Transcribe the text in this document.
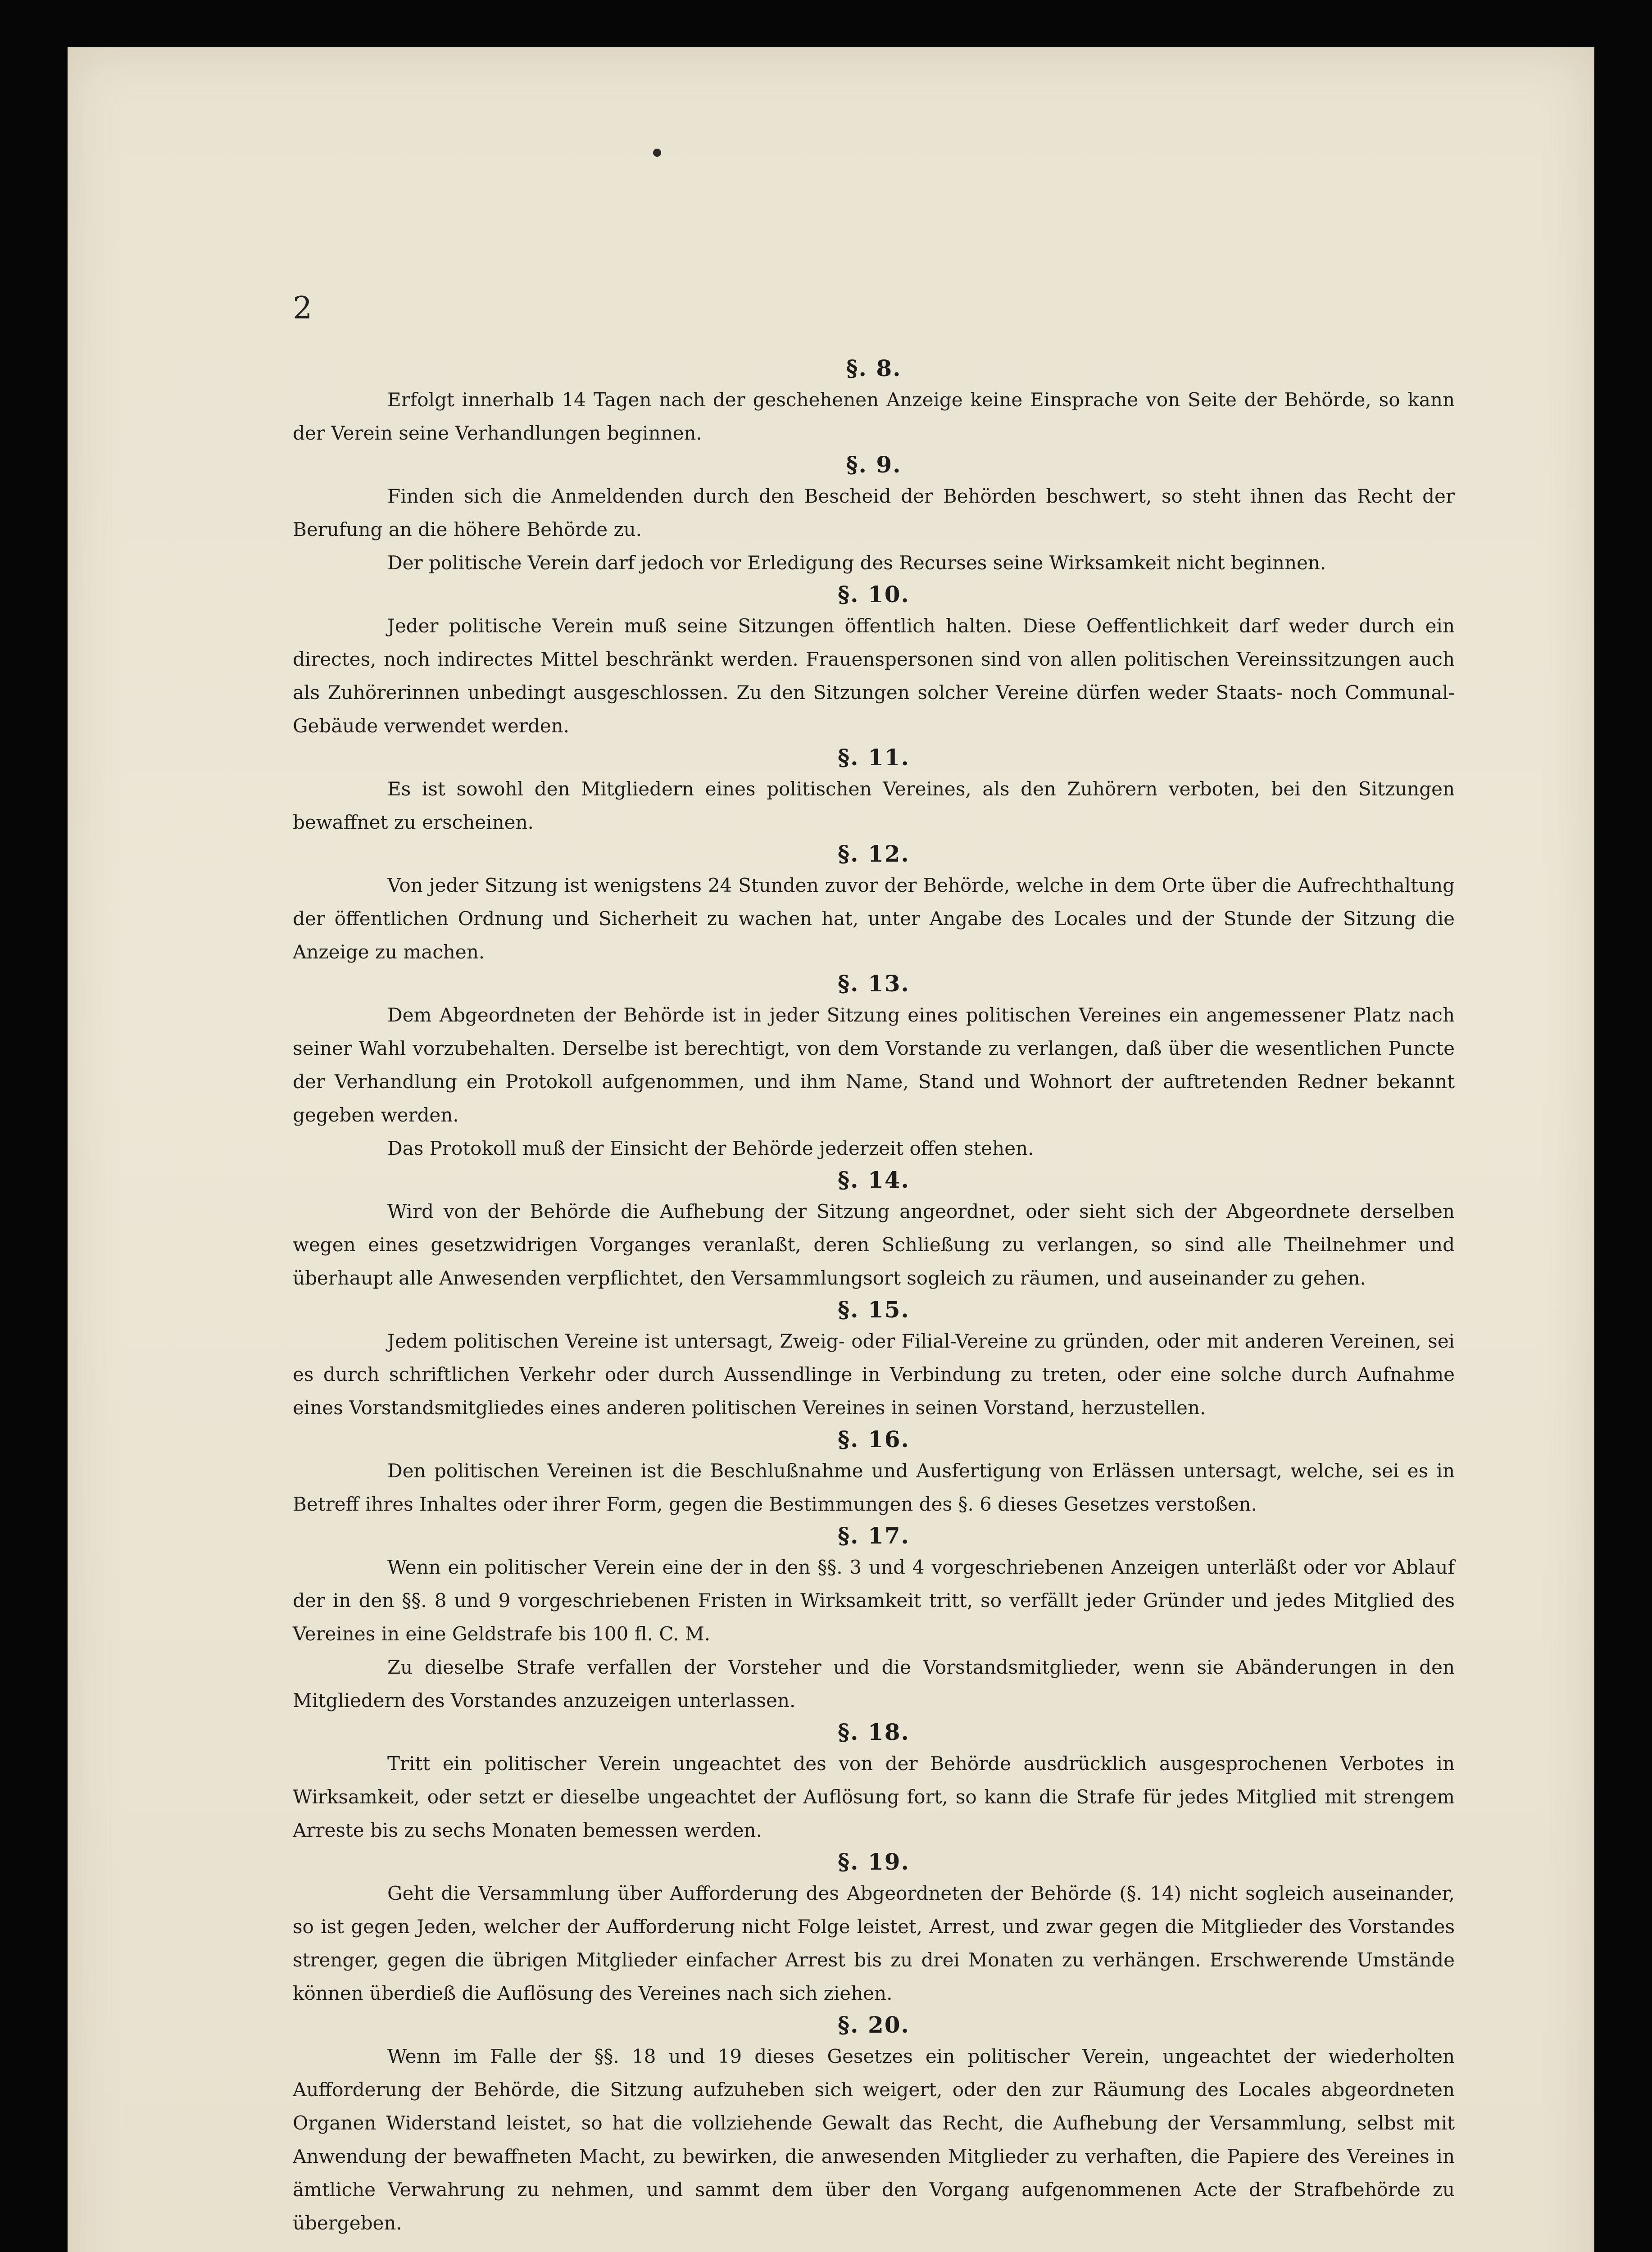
2
§. 8.

Erfolgt innerhalb 14 Tagen nach der geschehenen Anzeige keine Einsprache von Seite der Behörde, so kann der Verein seine Verhandlungen beginnen.

§. 9.

Finden sich die Anmeldenden durch den Bescheid der Behörden beschwert, so steht ihnen das Recht der Berufung an die höhere Behörde zu.

Der politische Verein darf jedoch vor Erledigung des Recurses seine Wirksamkeit nicht beginnen.

§. 10.

Jeder politische Verein muß seine Sitzungen öffentlich halten. Diese Oeffentlichkeit darf weder durch ein directes, noch indirectes Mittel beschränkt werden. Frauenspersonen sind von allen politischen Vereinssitzungen auch als Zuhörerinnen unbedingt ausgeschlossen. Zu den Sitzungen solcher Vereine dürfen weder Staats- noch Communal-Gebäude verwendet werden.

§. 11.

Es ist sowohl den Mitgliedern eines politischen Vereines, als den Zuhörern verboten, bei den Sitzungen bewaffnet zu erscheinen.

§. 12.

Von jeder Sitzung ist wenigstens 24 Stunden zuvor der Behörde, welche in dem Orte über die Aufrechthaltung der öffentlichen Ordnung und Sicherheit zu wachen hat, unter Angabe des Locales und der Stunde der Sitzung die Anzeige zu machen.

§. 13.

Dem Abgeordneten der Behörde ist in jeder Sitzung eines politischen Vereines ein angemessener Platz nach seiner Wahl vorzubehalten. Derselbe ist berechtigt, von dem Vorstande zu verlangen, daß über die wesentlichen Puncte der Verhandlung ein Protokoll aufgenommen, und ihm Name, Stand und Wohnort der auftretenden Redner bekannt gegeben werden.

Das Protokoll muß der Einsicht der Behörde jederzeit offen stehen.

§. 14.

Wird von der Behörde die Aufhebung der Sitzung angeordnet, oder sieht sich der Abgeordnete derselben wegen eines gesetzwidrigen Vorganges veranlaßt, deren Schließung zu verlangen, so sind alle Theilnehmer und überhaupt alle Anwesenden verpflichtet, den Versammlungsort sogleich zu räumen, und auseinander zu gehen.

§. 15.

Jedem politischen Vereine ist untersagt, Zweig- oder Filial-Vereine zu gründen, oder mit anderen Vereinen, sei es durch schriftlichen Verkehr oder durch Aussendlinge in Verbindung zu treten, oder eine solche durch Aufnahme eines Vorstandsmitgliedes eines anderen politischen Vereines in seinen Vorstand, herzustellen.

§. 16.

Den politischen Vereinen ist die Beschlußnahme und Ausfertigung von Erlässen untersagt, welche, sei es in Betreff ihres Inhaltes oder ihrer Form, gegen die Bestimmungen des §. 6 dieses Gesetzes verstoßen.

§. 17.

Wenn ein politischer Verein eine der in den §§. 3 und 4 vorgeschriebenen Anzeigen unterläßt oder vor Ablauf der in den §§. 8 und 9 vorgeschriebenen Fristen in Wirksamkeit tritt, so verfällt jeder Gründer und jedes Mitglied des Vereines in eine Geldstrafe bis 100 fl. C. M.

Zu dieselbe Strafe verfallen der Vorsteher und die Vorstandsmitglieder, wenn sie Abänderungen in den Mitgliedern des Vorstandes anzuzeigen unterlassen.

§. 18.

Tritt ein politischer Verein ungeachtet des von der Behörde ausdrücklich ausgesprochenen Verbotes in Wirksamkeit, oder setzt er dieselbe ungeachtet der Auflösung fort, so kann die Strafe für jedes Mitglied mit strengem Arreste bis zu sechs Monaten bemessen werden.

§. 19.

Geht die Versammlung über Aufforderung des Abgeordneten der Behörde (§. 14) nicht sogleich auseinander, so ist gegen Jeden, welcher der Aufforderung nicht Folge leistet, Arrest, und zwar gegen die Mitglieder des Vorstandes strenger, gegen die übrigen Mitglieder einfacher Arrest bis zu drei Monaten zu verhängen. Erschwerende Umstände können überdieß die Auflösung des Vereines nach sich ziehen.

§. 20.

Wenn im Falle der §§. 18 und 19 dieses Gesetzes ein politischer Verein, ungeachtet der wiederholten Aufforderung der Behörde, die Sitzung aufzuheben sich weigert, oder den zur Räumung des Locales abgeordneten Organen Widerstand leistet, so hat die vollziehende Gewalt das Recht, die Aufhebung der Versammlung, selbst mit Anwendung der bewaffneten Macht, zu bewirken, die anwesenden Mitglieder zu verhaften, die Papiere des Vereines in ämtliche Verwahrung zu nehmen, und sammt dem über den Vorgang aufgenommenen Acte der Strafbehörde zu übergeben.
